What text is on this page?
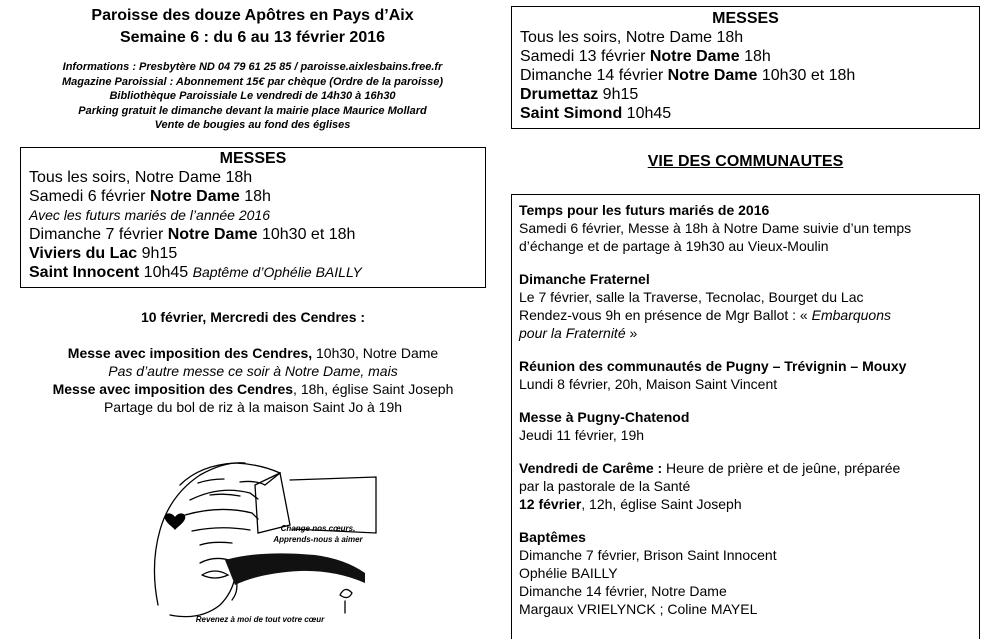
Paroisse des douze Apôtres en Pays d’Aix
Semaine 6 : du 6 au 13 février 2016
Informations : Presbytère ND 04 79 61 25 85 / paroisse.aixlesbains.free.fr
Magazine Paroissial : Abonnement 15€ par chèque (Ordre de la paroisse)
Bibliothèque Paroissiale Le vendredi de 14h30 à 16h30
Parking gratuit le dimanche devant la mairie place Maurice Mollard
Vente de bougies au fond des églises
MESSES
Tous les soirs, Notre Dame 18h
Samedi 6 février Notre Dame 18h
Avec les futurs mariés de l’année 2016
Dimanche 7 février Notre Dame 10h30 et 18h
Viviers du Lac 9h15
Saint Innocent 10h45 Baptême d’Ophélie BAILLY
MESSES
Tous les soirs, Notre Dame 18h
Samedi 13 février Notre Dame 18h
Dimanche 14 février Notre Dame 10h30 et 18h
Drumettaz 9h15
Saint Simond 10h45
10 février, Mercredi des Cendres :
Messe avec imposition des Cendres, 10h30, Notre Dame
Pas d’autre messe ce soir à Notre Dame, mais
Messe avec imposition des Cendres, 18h, église Saint Joseph
Partage du bol de riz à la maison Saint Jo à 19h
Change nos cœurs,
Apprends-nous à aimer
Revenez à moi de tout votre cœur
VIE DES COMMUNAUTES
Temps pour les futurs mariés de 2016
Samedi 6 février, Messe à 18h à Notre Dame suivie d’un temps
d’échange et de partage à 19h30 au Vieux-Moulin
Dimanche Fraternel
Le 7 février, salle la Traverse, Tecnolac, Bourget du Lac
Rendez-vous 9h en présence de Mgr Ballot : « Embarquons
pour la Fraternité »
Réunion des communautés de Pugny – Trévignin – Mouxy
Lundi 8 février, 20h, Maison Saint Vincent
Messe à Pugny-Chatenod
Jeudi 11 février, 19h
Vendredi de Carême : Heure de prière et de jeûne, préparée
par la pastorale de la Santé
12 février, 12h, église Saint Joseph
Baptêmes
Dimanche 7 février, Brison Saint Innocent
Ophélie BAILLY
Dimanche 14 février, Notre Dame
Margaux VRIELYNCK ; Coline MAYEL
